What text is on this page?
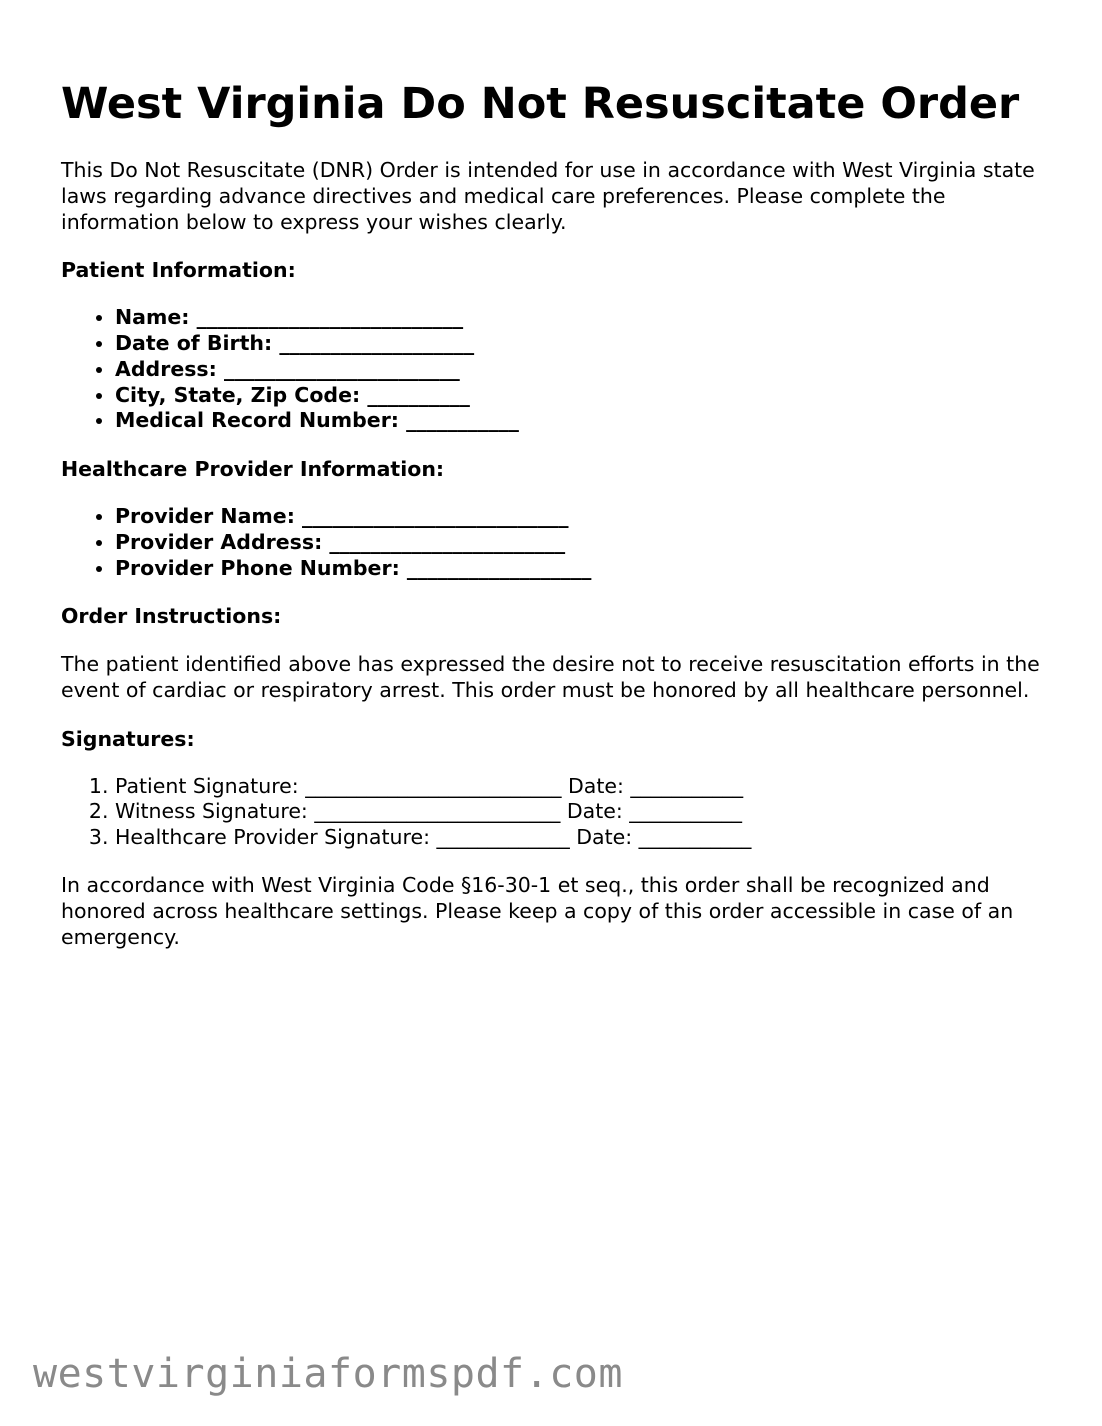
West Virginia Do Not Resuscitate Order

This Do Not Resuscitate (DNR) Order is intended for use in accordance with West Virginia state laws regarding advance directives and medical care preferences. Please complete the information below to express your wishes clearly.

Patient Information:

• Name: __________________________
• Date of Birth: ___________________
• Address: _______________________
• City, State, Zip Code: __________
• Medical Record Number: ___________

Healthcare Provider Information:

• Provider Name: __________________________
• Provider Address: _______________________
• Provider Phone Number: __________________

Order Instructions:

The patient identified above has expressed the desire not to receive resuscitation efforts in the event of cardiac or respiratory arrest. This order must be honored by all healthcare personnel.

Signatures:

1. Patient Signature: _________________________ Date: ___________
2. Witness Signature: ________________________ Date: ___________
3. Healthcare Provider Signature: _____________ Date: ___________

In accordance with West Virginia Code §16-30-1 et seq., this order shall be recognized and honored across healthcare settings. Please keep a copy of this order accessible in case of an emergency.

westvirginiaformspdf.com
